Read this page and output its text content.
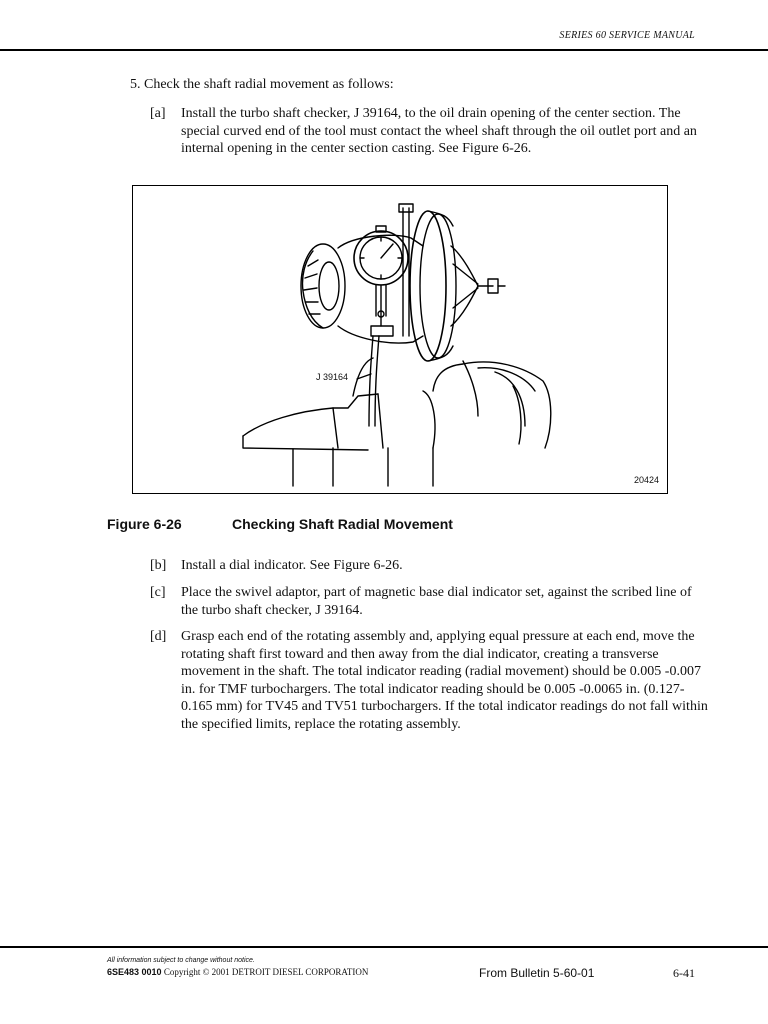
SERIES 60 SERVICE MANUAL
5. Check the shaft radial movement as follows:
[a] Install the turbo shaft checker, J 39164, to the oil drain opening of the center section. The special curved end of the tool must contact the wheel shaft through the oil outlet port and an internal opening in the center section casting. See Figure 6-26.
J 39164
20424
Figure 6-26	Checking Shaft Radial Movement
[b] Install a dial indicator. See Figure 6-26.
[c] Place the swivel adaptor, part of magnetic base dial indicator set, against the scribed line of the turbo shaft checker, J 39164.
[d] Grasp each end of the rotating assembly and, applying equal pressure at each end, move the rotating shaft first toward and then away from the dial indicator, creating a transverse movement in the shaft. The total indicator reading (radial movement) should be 0.005 -0.007 in. for TMF turbochargers. The total indicator reading should be 0.005 -0.0065 in. (0.127-0.165 mm) for TV45 and TV51 turbochargers. If the total indicator readings do not fall within the specified limits, replace the rotating assembly.
All information subject to change without notice.
6SE483 0010 Copyright © 2001 DETROIT DIESEL CORPORATION	From Bulletin 5-60-01	6-41
